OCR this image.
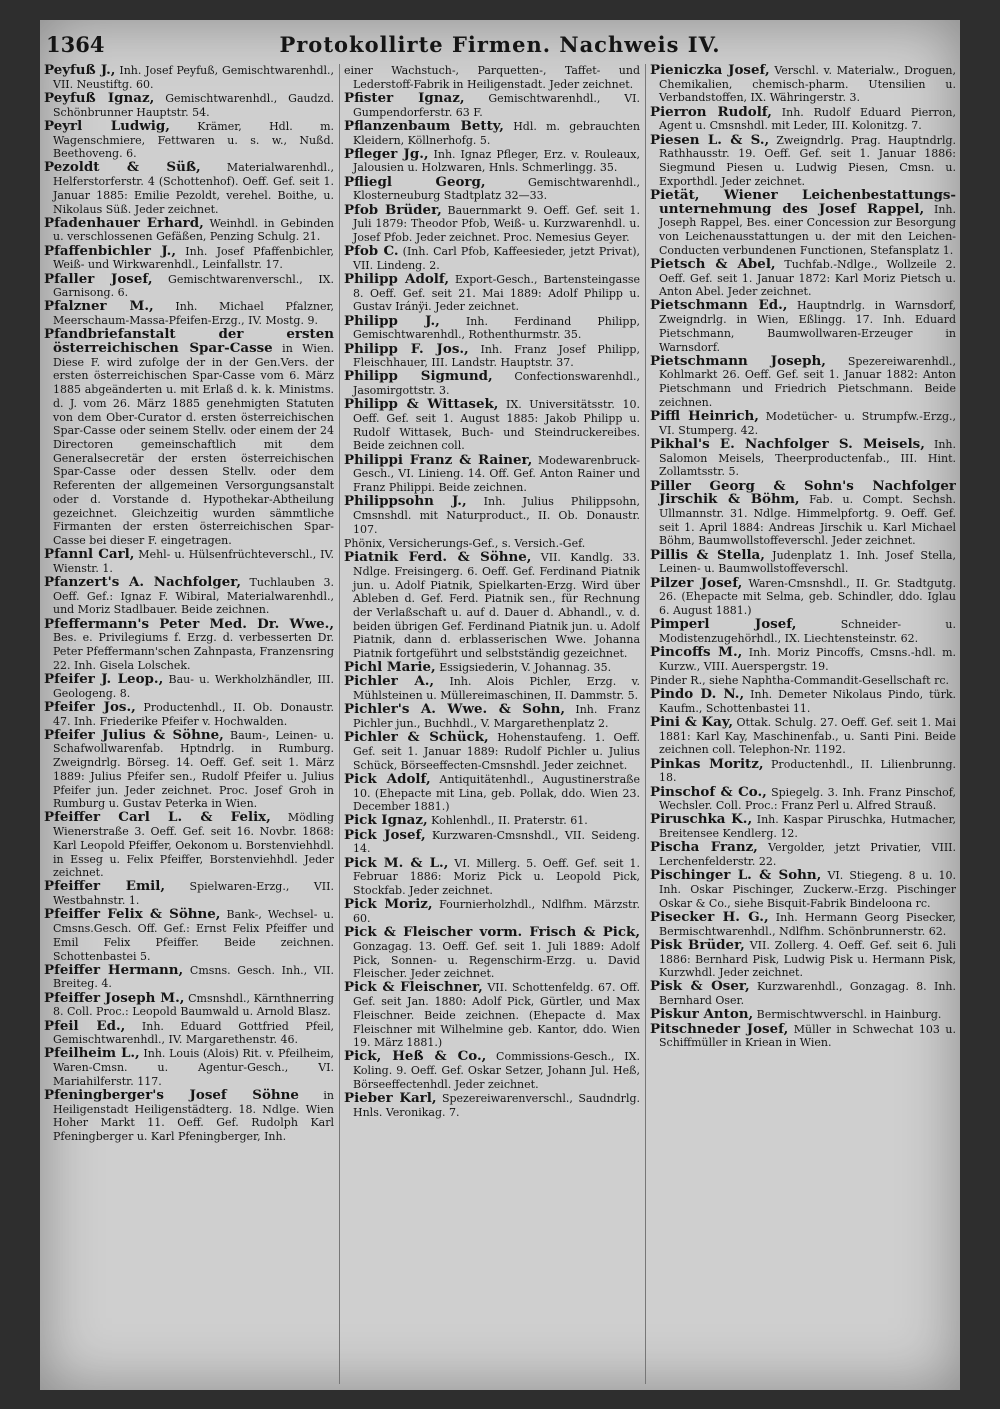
1364	Protokollirte Firmen. Nachweis IV.
Peyfuß J., Inh. Josef Peyfuß, Gemischtwarenhdl., VII. Neustiftg. 60.
Peyfuß Ignaz, Gemischtwarenhdl., Gaudzd. Schönbrunner Hauptstr. 54.
Peyrl Ludwig, Krämer, Hdl. m. Wagenschmiere, Fettwaren u. s. w., Nußd. Beethoveng. 6.
Pezoldt & Süß, Materialwarenhdl., Helferstorferstr. 4 (Schottenhof). Oeff. Gef. seit 1. Januar 1885: Emilie Pezoldt, verehel. Boithe, u. Nikolaus Süß. Jeder zeichnet.
Pfadenhauer Erhard, Weinhdl. in Gebinden u. verschlossenen Gefäßen, Penzing Schulg. 21.
Pfaffenbichler J., Inh. Josef Pfaffenbichler, Weiß- und Wirkwarenhdl., Leinfallstr. 17.
Pfaller Josef, Gemischtwarenverschl., IX. Garnisong. 6.
Pfalzner M., Inh. Michael Pfalzner, Meerschaum-Massa-Pfeifen-Erzg., IV. Mostg. 9.
Pfandbriefanstalt der ersten österreichischen Spar-Casse in Wien. Diese F. wird zufolge der in der Gen.Vers. der ersten österreichischen Spar-Casse vom 6. März 1885 abgeänderten u. mit Erlaß d. k. k. Ministms. d. J. vom 26. März 1885 genehmigten Statuten von dem Ober-Curator d. ersten österreichischen Spar-Casse oder seinem Stellv. oder einem der 24 Directoren gemeinschaftlich mit dem Generalsecretär der ersten österreichischen Spar-Casse oder dessen Stellv. oder dem Referenten der allgemeinen Versorgungsanstalt oder d. Vorstande d. Hypothekar-Abtheilung gezeichnet. Gleichzeitig wurden sämmtliche Firmanten der ersten österreichischen Spar-Casse bei dieser F. eingetragen.
Pfannl Carl, Mehl- u. Hülsenfrüchteverschl., IV. Wienstr. 1.
Pfanzert's A. Nachfolger, Tuchlauben 3. Oeff. Gef.: Ignaz F. Wibiral, Materialwarenhdl., und Moriz Stadlbauer. Beide zeichnen.
Pfeffermann's Peter Med. Dr. Wwe., Bes. e. Privilegiums f. Erzg. d. verbesserten Dr. Peter Pfeffermann'schen Zahnpasta, Franzensring 22. Inh. Gisela Lolschek.
Pfeifer J. Leop., Bau- u. Werkholzhändler, III. Geologeng. 8.
Pfeifer Jos., Productenhdl., II. Ob. Donaustr. 47. Inh. Friederike Pfeifer v. Hochwalden.
Pfeifer Julius & Söhne, Baum-, Leinen- u. Schafwollwarenfab. Hptndrlg. in Rumburg. Zweigndrlg. Börseg. 14. Oeff. Gef. seit 1. März 1889: Julius Pfeifer sen., Rudolf Pfeifer u. Julius Pfeifer jun. Jeder zeichnet. Proc. Josef Groh in Rumburg u. Gustav Peterka in Wien.
Pfeiffer Carl L. & Felix, Mödling Wienerstraße 3. Oeff. Gef. seit 16. Novbr. 1868: Karl Leopold Pfeiffer, Oekonom u. Borstenviehhdl. in Esseg u. Felix Pfeiffer, Borstenviehhdl. Jeder zeichnet.
Pfeiffer Emil, Spielwaren-Erzg., VII. Westbahnstr. 1.
Pfeiffer Felix & Söhne, Bank-, Wechsel- u. Cmsns.Gesch. Off. Gef.: Ernst Felix Pfeiffer und Emil Felix Pfeiffer. Beide zeichnen. Schottenbastei 5.
Pfeiffer Hermann, Cmsns. Gesch. Inh., VII. Breiteg. 4.
Pfeiffer Joseph M., Cmsnshdl., Kärnthnerring 8. Coll. Proc.: Leopold Baumwald u. Arnold Blasz.
Pfeil Ed., Inh. Eduard Gottfried Pfeil, Gemischtwarenhdl., IV. Margarethenstr. 46.
Pfeilheim L., Inh. Louis (Alois) Rit. v. Pfeilheim, Waren-Cmsn. u. Agentur-Gesch., VI. Mariahilferstr. 117.
Pfeningberger's Josef Söhne in Heiligenstadt Heiligenstädterg. 18. Ndlge. Wien Hoher Markt 11. Oeff. Gef. Rudolph Karl Pfeningberger u. Karl Pfeningberger, Inh.
einer Wachstuch-, Parquetten-, Taffet- und Lederstoff-Fabrik in Heiligenstadt. Jeder zeichnet.
Pfister Ignaz, Gemischtwarenhdl., VI. Gumpendorferstr. 63 F.
Pflanzenbaum Betty, Hdl. m. gebrauchten Kleidern, Köllnerhofg. 5.
Pfleger Jg., Inh. Ignaz Pfleger, Erz. v. Rouleaux, Jalousien u. Holzwaren, Hnls. Schmerlingg. 35.
Pfliegl Georg, Gemischtwarenhdl., Klosterneuburg Stadtplatz 32—33.
Pfob Brüder, Bauernmarkt 9. Oeff. Gef. seit 1. Juli 1879: Theodor Pfob, Weiß- u. Kurzwarenhdl. u. Josef Pfob. Jeder zeichnet. Proc. Nemesius Geyer.
Pfob C. (Inh. Carl Pfob, Kaffeesieder, jetzt Privat), VII. Lindeng. 2.
Philipp Adolf, Export-Gesch., Bartensteingasse 8. Oeff. Gef. seit 21. Mai 1889: Adolf Philipp u. Gustav Iránÿi. Jeder zeichnet.
Philipp J., Inh. Ferdinand Philipp, Gemischtwarenhdl., Rothenthurmstr. 35.
Philipp F. Jos., Inh. Franz Josef Philipp, Fleischhauer, III. Landstr. Hauptstr. 37.
Philipp Sigmund, Confectionswarenhdl., Jasomirgottstr. 3.
Philipp & Wittasek, IX. Universitätsstr. 10. Oeff. Gef. seit 1. August 1885: Jakob Philipp u. Rudolf Wittasek, Buch- und Steindruckereibes. Beide zeichnen coll.
Philippi Franz & Rainer, Modewarenbruck-Gesch., VI. Linieng. 14. Off. Gef. Anton Rainer und Franz Philippi. Beide zeichnen.
Philippsohn J., Inh. Julius Philippsohn, Cmsnshdl. mit Naturproduct., II. Ob. Donaustr. 107.
Phönix, Versicherungs-Gef., s. Versich.-Gef.
Piatnik Ferd. & Söhne, VII. Kandlg. 33. Ndlge. Freisingerg. 6. Oeff. Gef. Ferdinand Piatnik jun. u. Adolf Piatnik, Spielkarten-Erzg. Wird über Ableben d. Gef. Ferd. Piatnik sen., für Rechnung der Verlaßschaft u. auf d. Dauer d. Abhandl., v. d. beiden übrigen Gef. Ferdinand Piatnik jun. u. Adolf Piatnik, dann d. erblasserischen Wwe. Johanna Piatnik fortgeführt und selbstständig gezeichnet.
Pichl Marie, Essigsiederin, V. Johannag. 35.
Pichler A., Inh. Alois Pichler, Erzg. v. Mühlsteinen u. Müllereimaschinen, II. Dammstr. 5.
Pichler's A. Wwe. & Sohn, Inh. Franz Pichler jun., Buchhdl., V. Margarethenplatz 2.
Pichler & Schück, Hohenstaufeng. 1. Oeff. Gef. seit 1. Januar 1889: Rudolf Pichler u. Julius Schück, Börseeffecten-Cmsnshdl. Jeder zeichnet.
Pick Adolf, Antiquitätenhdl., Augustinerstraße 10. (Ehepacte mit Lina, geb. Pollak, ddo. Wien 23. December 1881.)
Pick Ignaz, Kohlenhdl., II. Praterstr. 61.
Pick Josef, Kurzwaren-Cmsnshdl., VII. Seideng. 14.
Pick M. & L., VI. Millerg. 5. Oeff. Gef. seit 1. Februar 1886: Moriz Pick u. Leopold Pick, Stockfab. Jeder zeichnet.
Pick Moriz, Fournierholzhdl., Ndlfhm. Märzstr. 60.
Pick & Fleischer vorm. Frisch & Pick, Gonzagag. 13. Oeff. Gef. seit 1. Juli 1889: Adolf Pick, Sonnen- u. Regenschirm-Erzg. u. David Fleischer. Jeder zeichnet.
Pick & Fleischner, VII. Schottenfeldg. 67. Off. Gef. seit Jan. 1880: Adolf Pick, Gürtler, und Max Fleischner. Beide zeichnen. (Ehepacte d. Max Fleischner mit Wilhelmine geb. Kantor, ddo. Wien 19. März 1881.)
Pick, Heß & Co., Commissions-Gesch., IX. Koling. 9. Oeff. Gef. Oskar Setzer, Johann Jul. Heß, Börseeffectenhdl. Jeder zeichnet.
Pieber Karl, Spezereiwarenverschl., Saudndrlg. Hnls. Veronikag. 7.
Pieniczka Josef, Verschl. v. Materialw., Droguen, Chemikalien, chemisch-pharm. Utensilien u. Verbandstoffen, IX. Währingerstr. 3.
Pierron Rudolf, Inh. Rudolf Eduard Pierron, Agent u. Cmsnshdl. mit Leder, III. Kolonitzg. 7.
Piesen L. & S., Zweigndrlg. Prag. Hauptndrlg. Rathhausstr. 19. Oeff. Gef. seit 1. Januar 1886: Siegmund Piesen u. Ludwig Piesen, Cmsn. u. Exporthdl. Jeder zeichnet.
Pietät, Wiener Leichenbestattungs-unternehmung des Josef Rappel, Inh. Joseph Rappel, Bes. einer Concession zur Besorgung von Leichenausstattungen u. der mit den Leichen-Conducten verbundenen Functionen, Stefansplatz 1.
Pietsch & Abel, Tuchfab.-Ndlge., Wollzeile 2. Oeff. Gef. seit 1. Januar 1872: Karl Moriz Pietsch u. Anton Abel. Jeder zeichnet.
Pietschmann Ed., Hauptndrlg. in Warnsdorf, Zweigndrlg. in Wien, Eßlingg. 17. Inh. Eduard Pietschmann, Baumwollwaren-Erzeuger in Warnsdorf.
Pietschmann Joseph, Spezereiwarenhdl., Kohlmarkt 26. Oeff. Gef. seit 1. Januar 1882: Anton Pietschmann und Friedrich Pietschmann. Beide zeichnen.
Piffl Heinrich, Modetücher- u. Strumpfw.-Erzg., VI. Stumperg. 42.
Pikhal's E. Nachfolger S. Meisels, Inh. Salomon Meisels, Theerproductenfab., III. Hint. Zollamtsstr. 5.
Piller Georg & Sohn's Nachfolger Jirschik & Böhm, Fab. u. Compt. Sechsh. Ullmannstr. 31. Ndlge. Himmelpfortg. 9. Oeff. Gef. seit 1. April 1884: Andreas Jirschik u. Karl Michael Böhm, Baumwollstoffeverschl. Jeder zeichnet.
Pillis & Stella, Judenplatz 1. Inh. Josef Stella, Leinen- u. Baumwollstoffeverschl.
Pilzer Josef, Waren-Cmsnshdl., II. Gr. Stadtgutg. 26. (Ehepacte mit Selma, geb. Schindler, ddo. Iglau 6. August 1881.)
Pimperl Josef, Schneider- u. Modistenzugehörhdl., IX. Liechtensteinstr. 62.
Pincoffs M., Inh. Moriz Pincoffs, Cmsns.-hdl. m. Kurzw., VIII. Auerspergstr. 19.
Pinder R., siehe Naphtha-Commandit-Gesellschaft rc.
Pindo D. N., Inh. Demeter Nikolaus Pindo, türk. Kaufm., Schottenbastei 11.
Pini & Kay, Ottak. Schulg. 27. Oeff. Gef. seit 1. Mai 1881: Karl Kay, Maschinenfab., u. Santi Pini. Beide zeichnen coll. Telephon-Nr. 1192.
Pinkas Moritz, Productenhdl., II. Lilienbrunng. 18.
Pinschof & Co., Spiegelg. 3. Inh. Franz Pinschof, Wechsler. Coll. Proc.: Franz Perl u. Alfred Strauß.
Piruschka K., Inh. Kaspar Piruschka, Hutmacher, Breitensee Kendlerg. 12.
Pischa Franz, Vergolder, jetzt Privatier, VIII. Lerchenfelderstr. 22.
Pischinger L. & Sohn, VI. Stiegeng. 8 u. 10. Inh. Oskar Pischinger, Zuckerw.-Erzg. Pischinger Oskar & Co., siehe Bisquit-Fabrik Bindeloona rc.
Pisecker H. G., Inh. Hermann Georg Pisecker, Bermischtwarenhdl., Ndlfhm. Schönbrunnerstr. 62.
Pisk Brüder, VII. Zollerg. 4. Oeff. Gef. seit 6. Juli 1886: Bernhard Pisk, Ludwig Pisk u. Hermann Pisk, Kurzwhdl. Jeder zeichnet.
Pisk & Oser, Kurzwarenhdl., Gonzagag. 8. Inh. Bernhard Oser.
Piskur Anton, Bermischtwverschl. in Hainburg.
Pitschneder Josef, Müller in Schwechat 103 u. Schiffmüller in Kriean in Wien.
